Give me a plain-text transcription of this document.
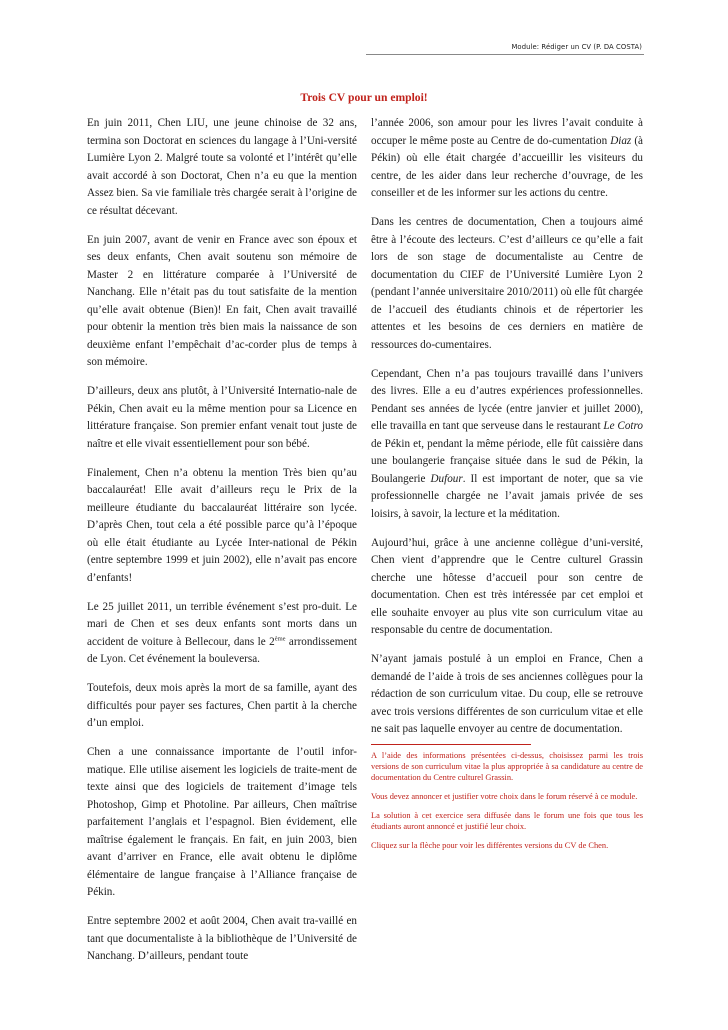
Module: Rédiger un CV (P. DA COSTA)
Trois CV pour un emploi!

En juin 2011, Chen LIU, une jeune chinoise de 32 ans, termina son Doctorat en sciences du langage à l’Uni-versité Lumière Lyon 2. Malgré toute sa volonté et l’intérêt qu’elle avait accordé à son Doctorat, Chen n’a eu que la mention Assez bien. Sa vie familiale très chargée serait à l’origine de ce résultat décevant.

En juin 2007, avant de venir en France avec son époux et ses deux enfants, Chen avait soutenu son mémoire de Master 2 en littérature comparée à l’Université de Nanchang. Elle n’était pas du tout satisfaite de la mention qu’elle avait obtenue (Bien)! En fait, Chen avait travaillé pour obtenir la mention très bien mais la naissance de son deuxième enfant l’empêchait d’ac-corder plus de temps à son mémoire.

D’ailleurs, deux ans plutôt, à l’Université Internatio-nale de Pékin, Chen avait eu la même mention pour sa Licence en littérature française. Son premier enfant venait tout juste de naître et elle vivait essentiellement pour son bébé.

Finalement, Chen n’a obtenu la mention Très bien qu’au baccalauréat! Elle avait d’ailleurs reçu le Prix de la meilleure étudiante du baccalauréat littéraire son lycée. D’après Chen, tout cela a été possible parce qu’à l’époque où elle était étudiante au Lycée Inter-national de Pékin (entre septembre 1999 et juin 2002), elle n’avait pas encore d’enfants!

Le 25 juillet 2011, un terrible événement s’est pro-duit. Le mari de Chen et ses deux enfants sont morts dans un accident de voiture à Bellecour, dans le 2ème arrondissement de Lyon. Cet événement la bouleversa.

Toutefois, deux mois après la mort de sa famille, ayant des difficultés pour payer ses factures, Chen partit à la cherche d’un emploi.

Chen a une connaissance importante de l’outil infor-matique. Elle utilise aisement les logiciels de traite-ment de texte ainsi que des logiciels de traitement d’image tels Photoshop, Gimp et Photoline. Par ailleurs, Chen maîtrise parfaitement l’anglais et l’espagnol. Bien évidement, elle maîtrise également le français. En fait, en juin 2003, bien avant d’arriver en France, elle avait obtenu le diplôme élémentaire de langue française à l’Alliance française de Pékin.

Entre septembre 2002 et août 2004, Chen avait tra-vaillé en tant que documentaliste à la bibliothèque de l’Université de Nanchang. D’ailleurs, pendant toute

l’année 2006, son amour pour les livres l’avait conduite à occuper le même poste au Centre de do-cumentation Diaz (à Pékin) où elle était chargée d’accueillir les visiteurs du centre, de les aider dans leur recherche d’ouvrage, de les conseiller et de les informer sur les actions du centre.

Dans les centres de documentation, Chen a toujours aimé être à l’écoute des lecteurs. C’est d’ailleurs ce qu’elle a fait lors de son stage de documentaliste au Centre de documentation du CIEF de l’Université Lumière Lyon 2 (pendant l’année universitaire 2010/2011) où elle fût chargée de l’accueil des étudiants chinois et de répertorier les attentes et les besoins de ces derniers en matière de ressources do-cumentaires.

Cependant, Chen n’a pas toujours travaillé dans l’univers des livres. Elle a eu d’autres expériences professionnelles. Pendant ses années de lycée (entre janvier et juillet 2000), elle travailla en tant que serveuse dans le restaurant Le Cotro de Pékin et, pendant la même période, elle fût caissière dans une boulangerie française située dans le sud de Pékin, la Boulangerie Dufour. Il est important de noter, que sa vie professionnelle chargée ne l’avait jamais privée de ses loisirs, à savoir, la lecture et la méditation.

Aujourd’hui, grâce à une ancienne collègue d’uni-versité, Chen vient d’apprendre que le Centre culturel Grassin cherche une hôtesse d’accueil pour son centre de documentation. Chen est très intéressée par cet emploi et elle souhaite envoyer au plus vite son curriculum vitae au responsable du centre de documentation.

N’ayant jamais postulé à un emploi en France, Chen a demandé de l’aide à trois de ses anciennes collègues pour la rédaction de son curriculum vitae. Du coup, elle se retrouve avec trois versions différentes de son curriculum vitae et elle ne sait pas laquelle envoyer au centre de documentation.

A l’aide des informations présentées ci-dessus, choisissez parmi les trois versions de son curriculum vitae la plus appropriée à sa candidature au centre de documentation du Centre culturel Grassin.

Vous devez annoncer et justifier votre choix dans le forum réservé à ce module.

La solution à cet exercice sera diffusée dans le forum une fois que tous les étudiants auront annoncé et justifié leur choix.

Cliquez sur la flèche pour voir les différentes versions du CV de Chen.
